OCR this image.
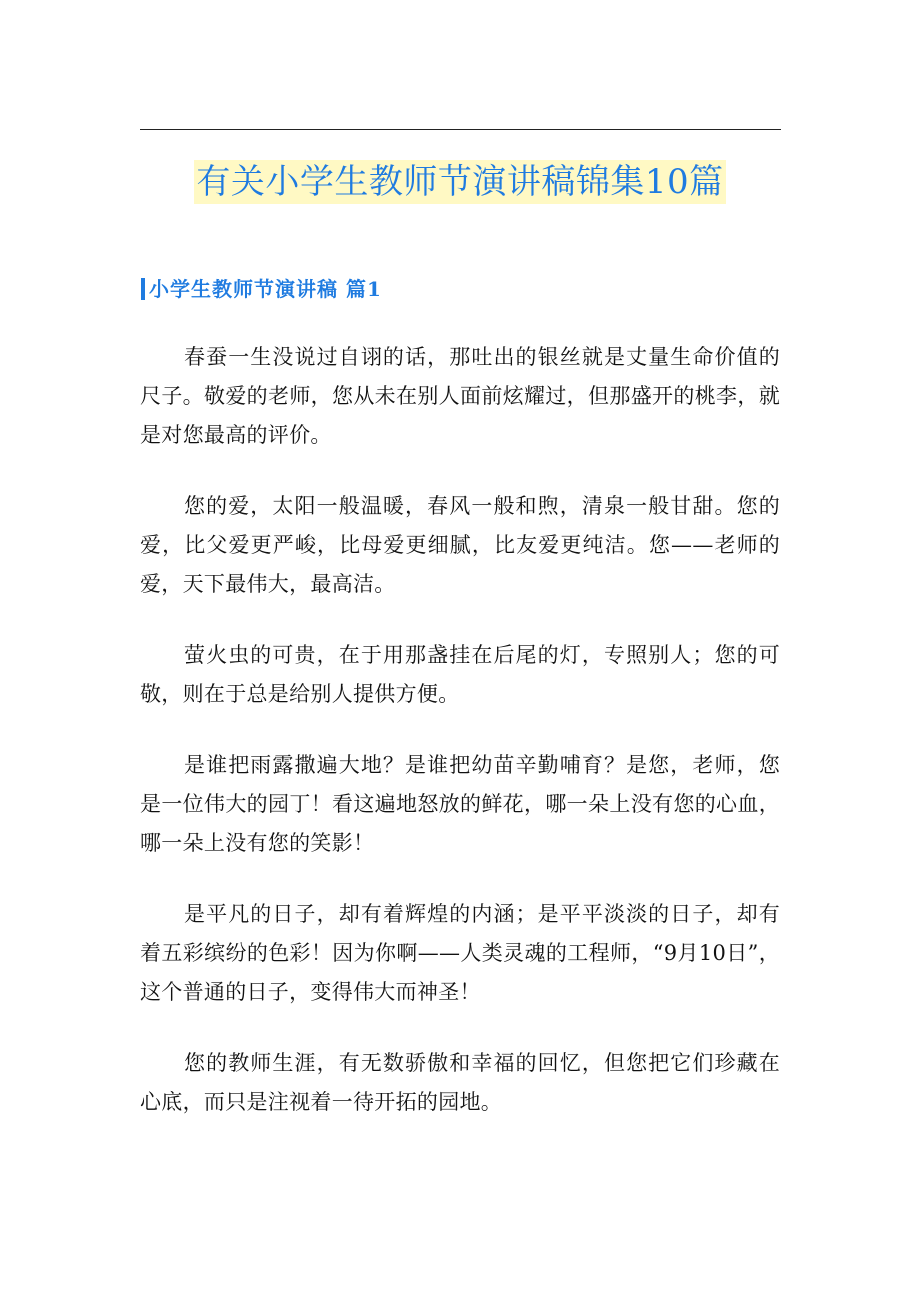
有关小学生教师节演讲稿锦集10篇
小学生教师节演讲稿 篇1

春蚕一生没说过自诩的话，那吐出的银丝就是丈量生命价值的尺子。敬爱的老师，您从未在别人面前炫耀过，但那盛开的桃李，就是对您最高的评价。

您的爱，太阳一般温暖，春风一般和煦，清泉一般甘甜。您的爱，比父爱更严峻，比母爱更细腻，比友爱更纯洁。您——老师的爱，天下最伟大，最高洁。

萤火虫的可贵，在于用那盏挂在后尾的灯，专照别人；您的可敬，则在于总是给别人提供方便。

是谁把雨露撒遍大地？是谁把幼苗辛勤哺育？是您，老师，您是一位伟大的园丁！看这遍地怒放的鲜花，哪一朵上没有您的心血，哪一朵上没有您的笑影！

是平凡的日子，却有着辉煌的内涵；是平平淡淡的日子，却有着五彩缤纷的色彩！因为你啊——人类灵魂的工程师，“9月10日”，这个普通的日子，变得伟大而神圣！

您的教师生涯，有无数骄傲和幸福的回忆，但您把它们珍藏在心底，而只是注视着一待开拓的园地。
